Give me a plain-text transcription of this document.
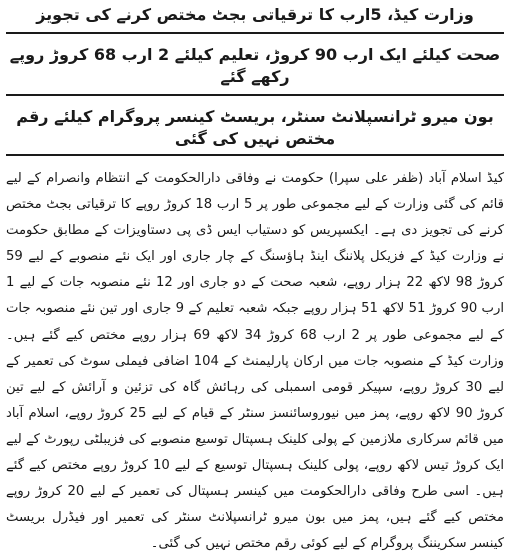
وزارت کیڈ، 5ارب کا ترقیاتی بجٹ مختص کرنے کی تجویز
صحت کیلئے ایک ارب 90 کروڑ، تعلیم کیلئے 2 ارب 68 کروڑ روپے رکھے گئے
بون میرو ٹرانسپلانٹ سنٹر، بریسٹ کینسر پروگرام کیلئے رقم مختص نہیں کی گئی

کیڈ اسلام آباد (ظفر علی سپرا) حکومت نے وفاقی دارالحکومت کے انتظام وانصرام کے لیے قائم کی گئی وزارت کے لیے مجموعی طور پر 5 ارب 18 کروڑ روپے کا ترقیاتی بجٹ مختص کرنے کی تجویز دی ہے۔ ایکسپریس کو دستیاب ایس ڈی پی دستاویزات کے مطابق حکومت نے وزارت کیڈ کے فزیکل پلاننگ اینڈ ہاؤسنگ کے چار جاری اور ایک نئے منصوبے کے لیے 59 کروڑ 98 لاکھ 22 ہزار روپے، شعبہ صحت کے دو جاری اور 12 نئے منصوبہ جات کے لیے 1 ارب 90 کروڑ 51 لاکھ 51 ہزار روپے جبکہ شعبہ تعلیم کے 9 جاری اور تین نئے منصوبہ جات کے لیے مجموعی طور پر 2 ارب 68 کروڑ 34 لاکھ 69 ہزار روپے مختص کیے گئے ہیں۔ وزارت کیڈ کے منصوبہ جات میں ارکان پارلیمنٹ کے 104 اضافی فیملی سوٹ کی تعمیر کے لیے 30 کروڑ روپے، سپیکر قومی اسمبلی کی رہائش گاہ کی تزئین و آرائش کے لیے تین کروڑ 90 لاکھ روپے، پمز میں نیوروسائنسز سنٹر کے قیام کے لیے 25 کروڑ روپے، اسلام آباد میں قائم سرکاری ملازمین کے پولی کلینک ہسپتال توسیع منصوبے کی فزیبلٹی رپورٹ کے لیے ایک کروڑ تیس لاکھ روپے، پولی کلینک ہسپتال توسیع کے لیے 10 کروڑ روپے مختص کیے گئے ہیں۔ اسی طرح وفاقی دارالحکومت میں کینسر ہسپتال کی تعمیر کے لیے 20 کروڑ روپے مختص کیے گئے ہیں، پمز میں بون میرو ٹرانسپلانٹ سنٹر کی تعمیر اور فیڈرل بریسٹ کینسر سکریننگ پروگرام کے لیے کوئی رقم مختص نہیں کی گئی۔
